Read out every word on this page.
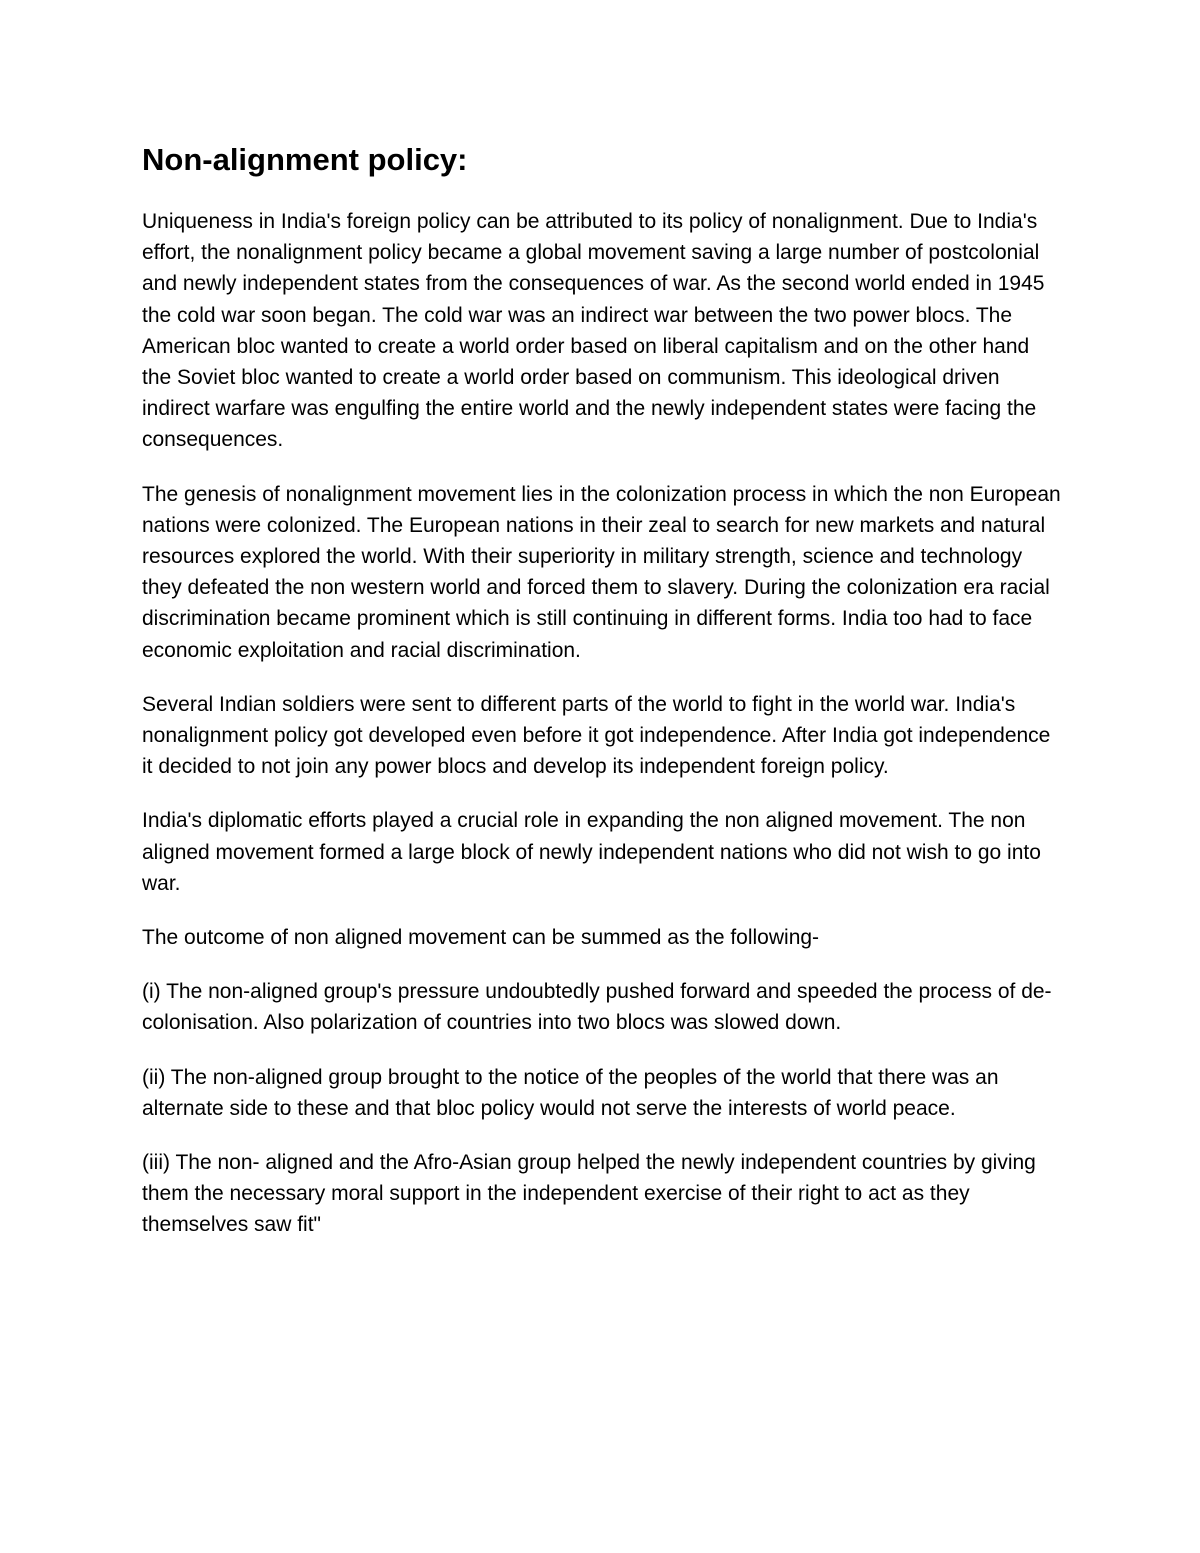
Non-alignment policy:

Uniqueness in India's foreign policy can be attributed to its policy of nonalignment. Due to India's effort, the nonalignment policy became a global movement saving a large number of postcolonial and newly independent states from the consequences of war. As the second world ended in 1945 the cold war soon began. The cold war was an indirect war between the two power blocs. The American bloc wanted to create a world order based on liberal capitalism and on the other hand the Soviet bloc wanted to create a world order based on communism. This ideological driven indirect warfare was engulfing the entire world and the newly independent states were facing the consequences.

The genesis of nonalignment movement lies in the colonization process in which the non European nations were colonized. The European nations in their zeal to search for new markets and natural resources explored the world. With their superiority in military strength, science and technology they defeated the non western world and forced them to slavery. During the colonization era racial discrimination became prominent which is still continuing in different forms. India too had to face economic exploitation and racial discrimination.

Several Indian soldiers were sent to different parts of the world to fight in the world war. India's nonalignment policy got developed even before it got independence. After India got independence it decided to not join any power blocs and develop its independent foreign policy.

India's diplomatic efforts played a crucial role in expanding the non aligned movement. The non aligned movement formed a large block of newly independent nations who did not wish to go into war.

The outcome of non aligned movement can be summed as the following-

(i) The non-aligned group's pressure undoubtedly pushed forward and speeded the process of de-colonisation. Also polarization of countries into two blocs was slowed down.

(ii) The non-aligned group brought to the notice of the peoples of the world that there was an alternate side to these and that bloc policy would not serve the interests of world peace.

(iii) The non- aligned and the Afro-Asian group helped the newly independent countries by giving them the necessary moral support in the independent exercise of their right to act as they themselves saw fit"
